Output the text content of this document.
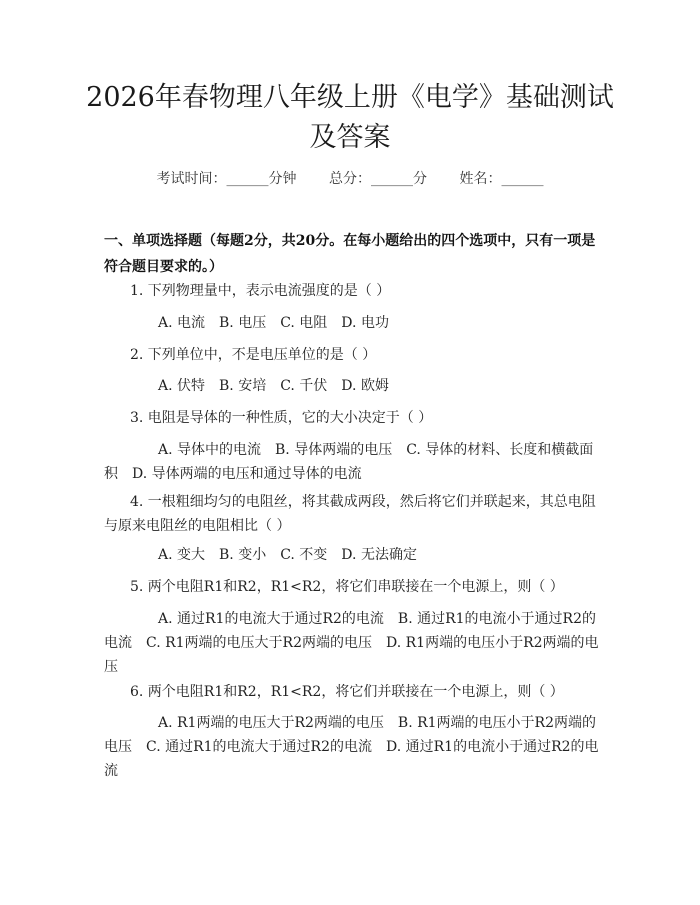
2026年春物理八年级上册《电学》基础测试
及答案
考试时间：______分钟 总分：______分 姓名：______
一、单项选择题（每题2分，共20分。在每小题给出的四个选项中，只有一项是符合题目要求的。）
1. 下列物理量中，表示电流强度的是（ ）
A. 电流　B. 电压　C. 电阻　D. 电功
2. 下列单位中，不是电压单位的是（ ）
A. 伏特　B. 安培　C. 千伏　D. 欧姆
3. 电阻是导体的一种性质，它的大小决定于（ ）
A. 导体中的电流　B. 导体两端的电压　C. 导体的材料、长度和横截面积　D. 导体两端的电压和通过导体的电流
4. 一根粗细均匀的电阻丝，将其截成两段，然后将它们并联起来，其总电阻与原来电阻丝的电阻相比（ ）
A. 变大　B. 变小　C. 不变　D. 无法确定
5. 两个电阻R1和R2，R1<R2，将它们串联接在一个电源上，则（ ）
A. 通过R1的电流大于通过R2的电流　B. 通过R1的电流小于通过R2的电流　C. R1两端的电压大于R2两端的电压　D. R1两端的电压小于R2两端的电压
6. 两个电阻R1和R2，R1<R2，将它们并联接在一个电源上，则（ ）
A. R1两端的电压大于R2两端的电压　B. R1两端的电压小于R2两端的电压　C. 通过R1的电流大于通过R2的电流　D. 通过R1的电流小于通过R2的电流
